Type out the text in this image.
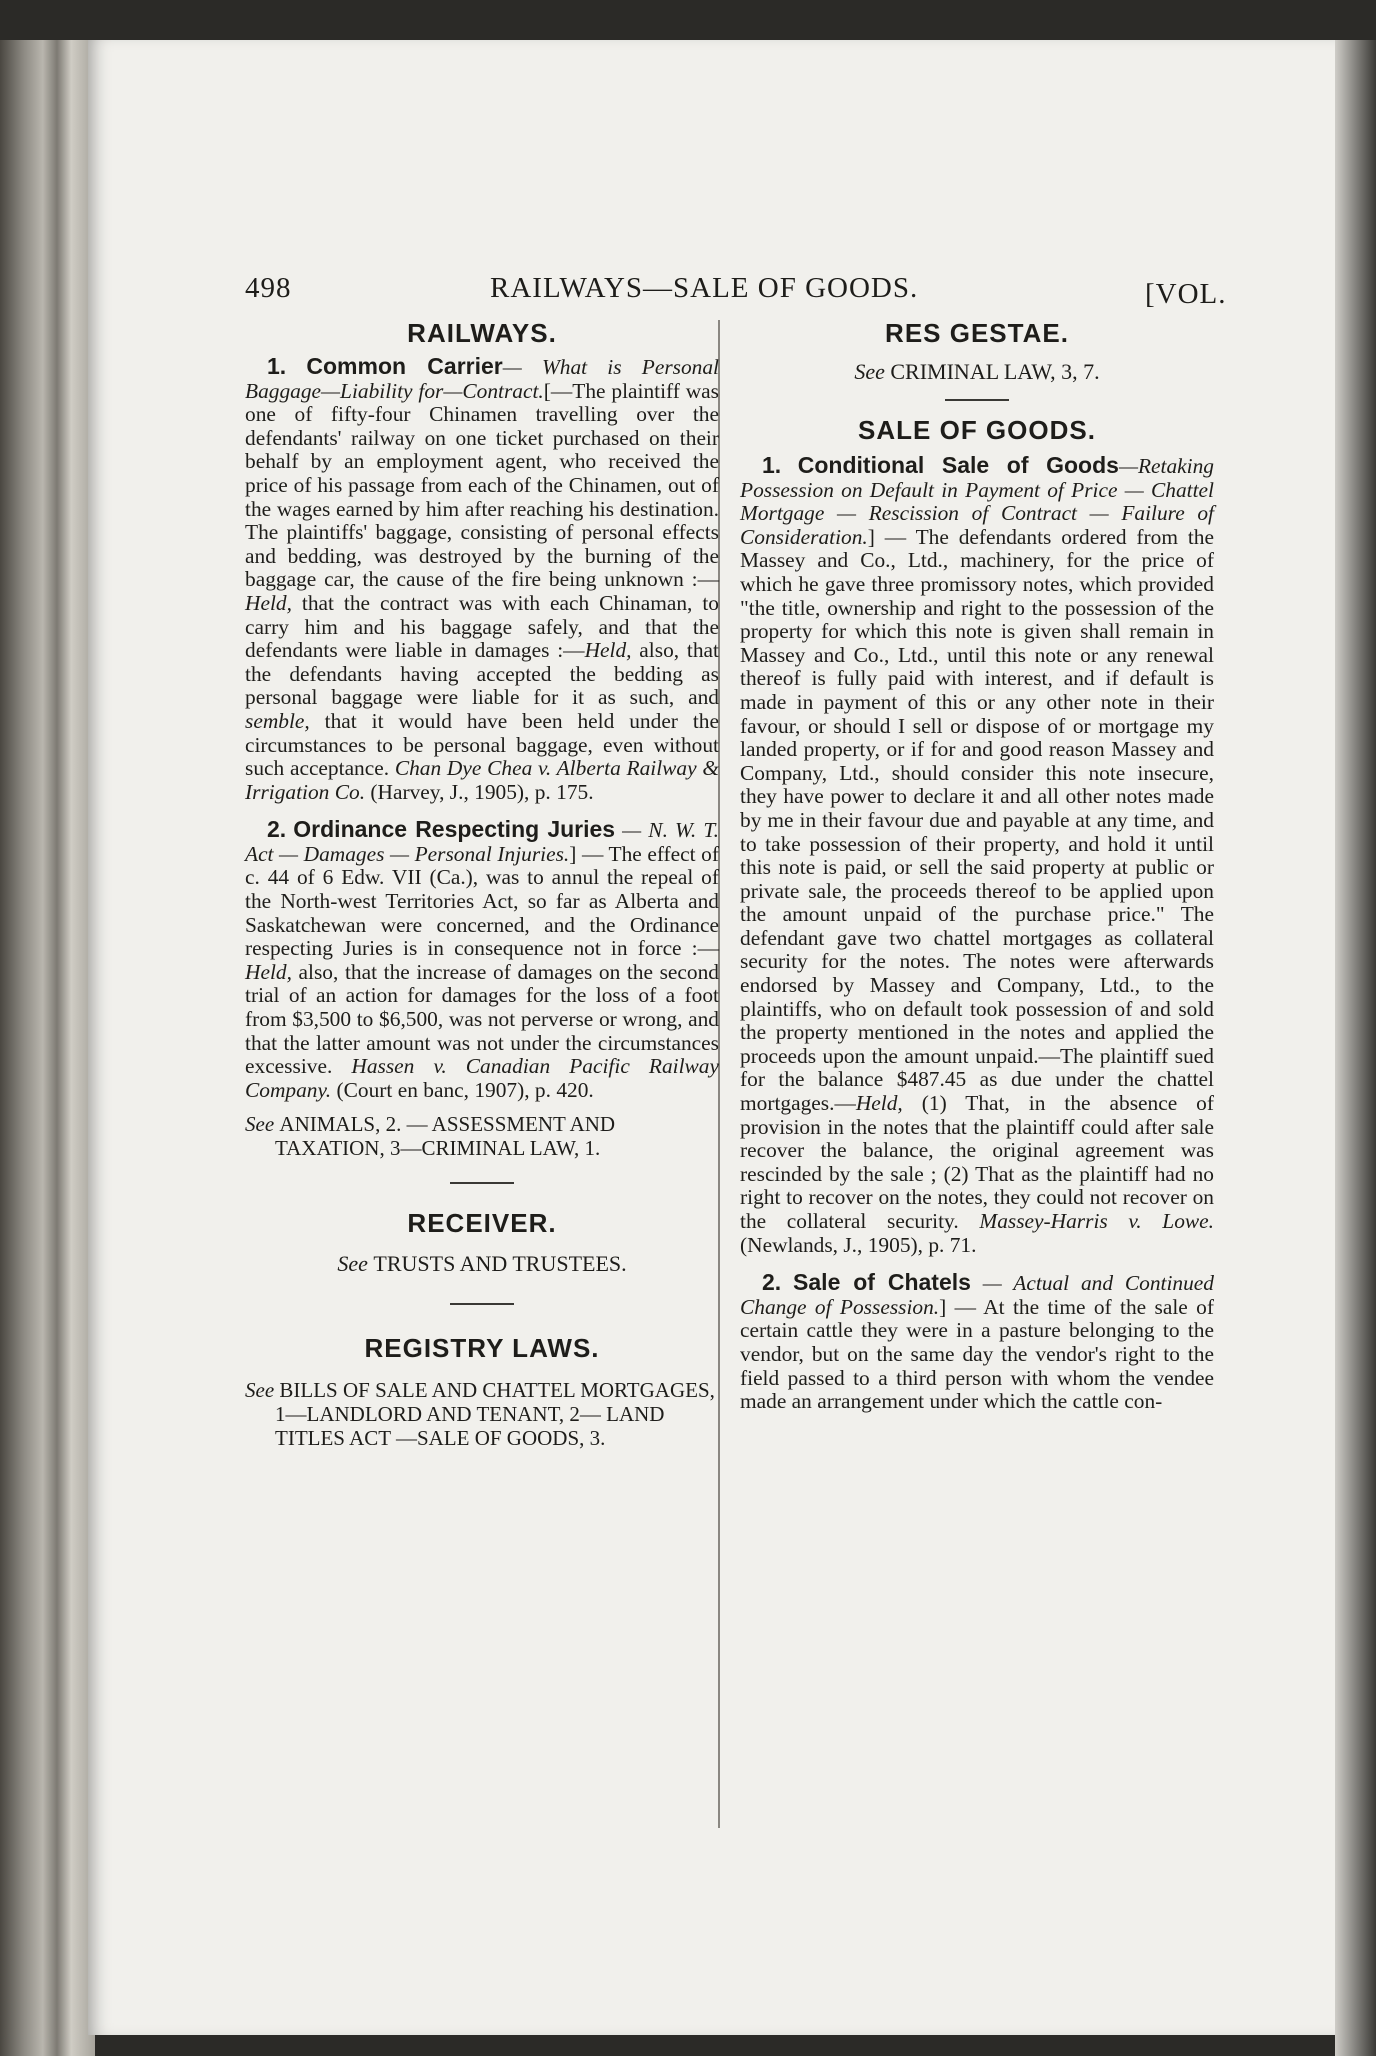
498	RAILWAYS—SALE OF GOODS.	[VOL.
RAILWAYS.

1. Common Carrier— What is Personal Baggage—Liability for—Contract.[—The plaintiff was one of fifty-four Chinamen travelling over the defendants' railway on one ticket purchased on their behalf by an employment agent, who received the price of his passage from each of the Chinamen, out of the wages earned by him after reaching his destination. The plaintiffs' baggage, consisting of personal effects and bedding, was destroyed by the burning of the baggage car, the cause of the fire being unknown :—Held, that the contract was with each Chinaman, to carry him and his baggage safely, and that the defendants were liable in damages :—Held, also, that the defendants having accepted the bedding as personal baggage were liable for it as such, and semble, that it would have been held under the circumstances to be personal baggage, even without such acceptance. Chan Dye Chea v. Alberta Railway & Irrigation Co. (Harvey, J., 1905), p. 175.

2. Ordinance Respecting Juries — N. W. T. Act — Damages — Personal Injuries.] — The effect of c. 44 of 6 Edw. VII (Ca.), was to annul the repeal of the North-west Territories Act, so far as Alberta and Saskatchewan were concerned, and the Ordinance respecting Juries is in consequence not in force :—Held, also, that the increase of damages on the second trial of an action for damages for the loss of a foot from $3,500 to $6,500, was not perverse or wrong, and that the latter amount was not under the circumstances excessive. Hassen v. Canadian Pacific Railway Company. (Court en banc, 1907), p. 420.

See ANIMALS, 2. — ASSESSMENT AND TAXATION, 3—CRIMINAL LAW, 1.

RECEIVER.

See TRUSTS AND TRUSTEES.

REGISTRY LAWS.

See BILLS OF SALE AND CHATTEL MORTGAGES, 1—LANDLORD AND TENANT, 2— LAND TITLES ACT —SALE OF GOODS, 3.

RES GESTAE.

See CRIMINAL LAW, 3, 7.

SALE OF GOODS.

1. Conditional Sale of Goods—Retaking Possession on Default in Payment of Price — Chattel Mortgage — Rescission of Contract — Failure of Consideration.] — The defendants ordered from the Massey and Co., Ltd., machinery, for the price of which he gave three promissory notes, which provided "the title, ownership and right to the possession of the property for which this note is given shall remain in Massey and Co., Ltd., until this note or any renewal thereof is fully paid with interest, and if default is made in payment of this or any other note in their favour, or should I sell or dispose of or mortgage my landed property, or if for and good reason Massey and Company, Ltd., should consider this note insecure, they have power to declare it and all other notes made by me in their favour due and payable at any time, and to take possession of their property, and hold it until this note is paid, or sell the said property at public or private sale, the proceeds thereof to be applied upon the amount unpaid of the purchase price." The defendant gave two chattel mortgages as collateral security for the notes. The notes were afterwards endorsed by Massey and Company, Ltd., to the plaintiffs, who on default took possession of and sold the property mentioned in the notes and applied the proceeds upon the amount unpaid.—The plaintiff sued for the balance $487.45 as due under the chattel mortgages.—Held, (1) That, in the absence of provision in the notes that the plaintiff could after sale recover the balance, the original agreement was rescinded by the sale ; (2) That as the plaintiff had no right to recover on the notes, they could not recover on the collateral security. Massey-Harris v. Lowe. (Newlands, J., 1905), p. 71.

2. Sale of Chatels — Actual and Continued Change of Possession.] — At the time of the sale of certain cattle they were in a pasture belonging to the vendor, but on the same day the vendor's right to the field passed to a third person with whom the vendee made an arrangement under which the cattle con-
